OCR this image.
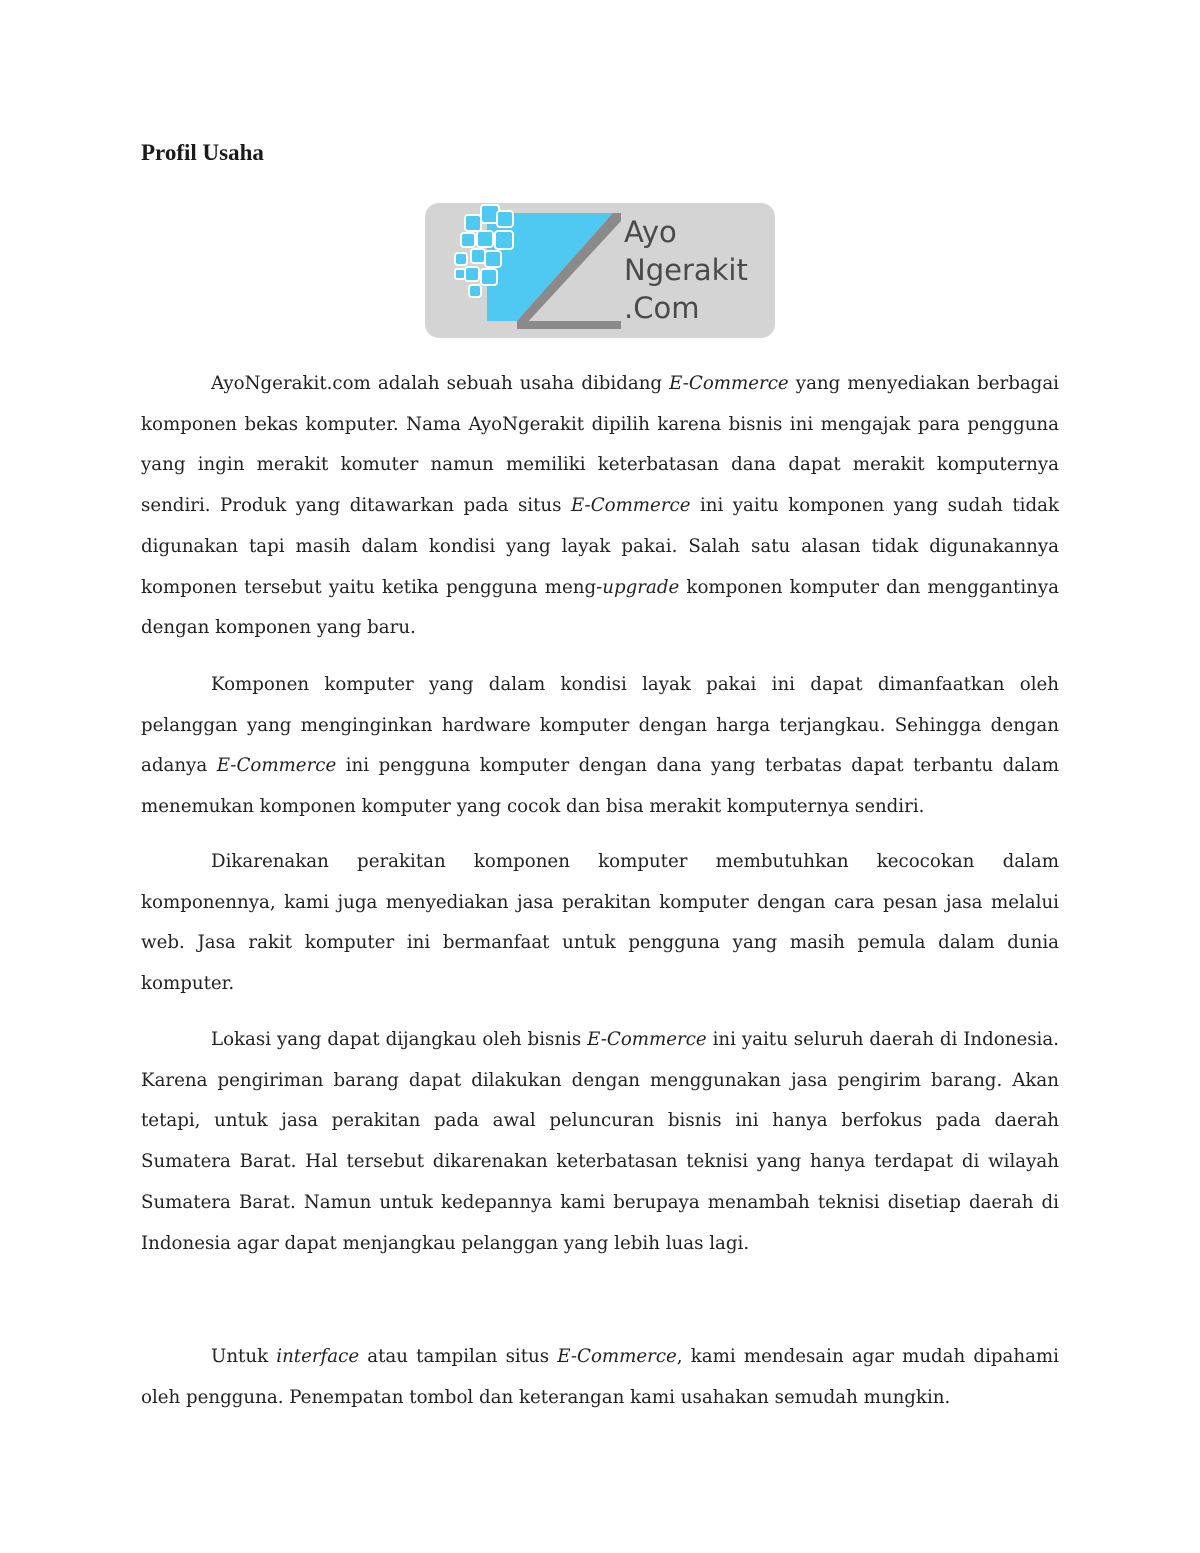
Profil Usaha
Ayo
Ngerakit
.Com

AyoNgerakit.com adalah sebuah usaha dibidang E-Commerce yang menyediakan berbagai komponen bekas komputer. Nama AyoNgerakit dipilih karena bisnis ini mengajak para pengguna yang ingin merakit komuter namun memiliki keterbatasan dana dapat merakit komputernya sendiri. Produk yang ditawarkan pada situs E-Commerce ini yaitu komponen yang sudah tidak digunakan tapi masih dalam kondisi yang layak pakai. Salah satu alasan tidak digunakannya komponen tersebut yaitu ketika pengguna meng-upgrade komponen komputer dan menggantinya dengan komponen yang baru.

Komponen komputer yang dalam kondisi layak pakai ini dapat dimanfaatkan oleh pelanggan yang menginginkan hardware komputer dengan harga terjangkau. Sehingga dengan adanya E-Commerce ini pengguna komputer dengan dana yang terbatas dapat terbantu dalam menemukan komponen komputer yang cocok dan bisa merakit komputernya sendiri.

Dikarenakan perakitan komponen komputer membutuhkan kecocokan dalam komponennya, kami juga menyediakan jasa perakitan komputer dengan cara pesan jasa melalui web. Jasa rakit komputer ini bermanfaat untuk pengguna yang masih pemula dalam dunia komputer.

Lokasi yang dapat dijangkau oleh bisnis E-Commerce ini yaitu seluruh daerah di Indonesia. Karena pengiriman barang dapat dilakukan dengan menggunakan jasa pengirim barang. Akan tetapi, untuk jasa perakitan pada awal peluncuran bisnis ini hanya berfokus pada daerah Sumatera Barat. Hal tersebut dikarenakan keterbatasan teknisi yang hanya terdapat di wilayah Sumatera Barat. Namun untuk kedepannya kami berupaya menambah teknisi disetiap daerah di Indonesia agar dapat menjangkau pelanggan yang lebih luas lagi.

Untuk interface atau tampilan situs E-Commerce, kami mendesain agar mudah dipahami oleh pengguna. Penempatan tombol dan keterangan kami usahakan semudah mungkin.
